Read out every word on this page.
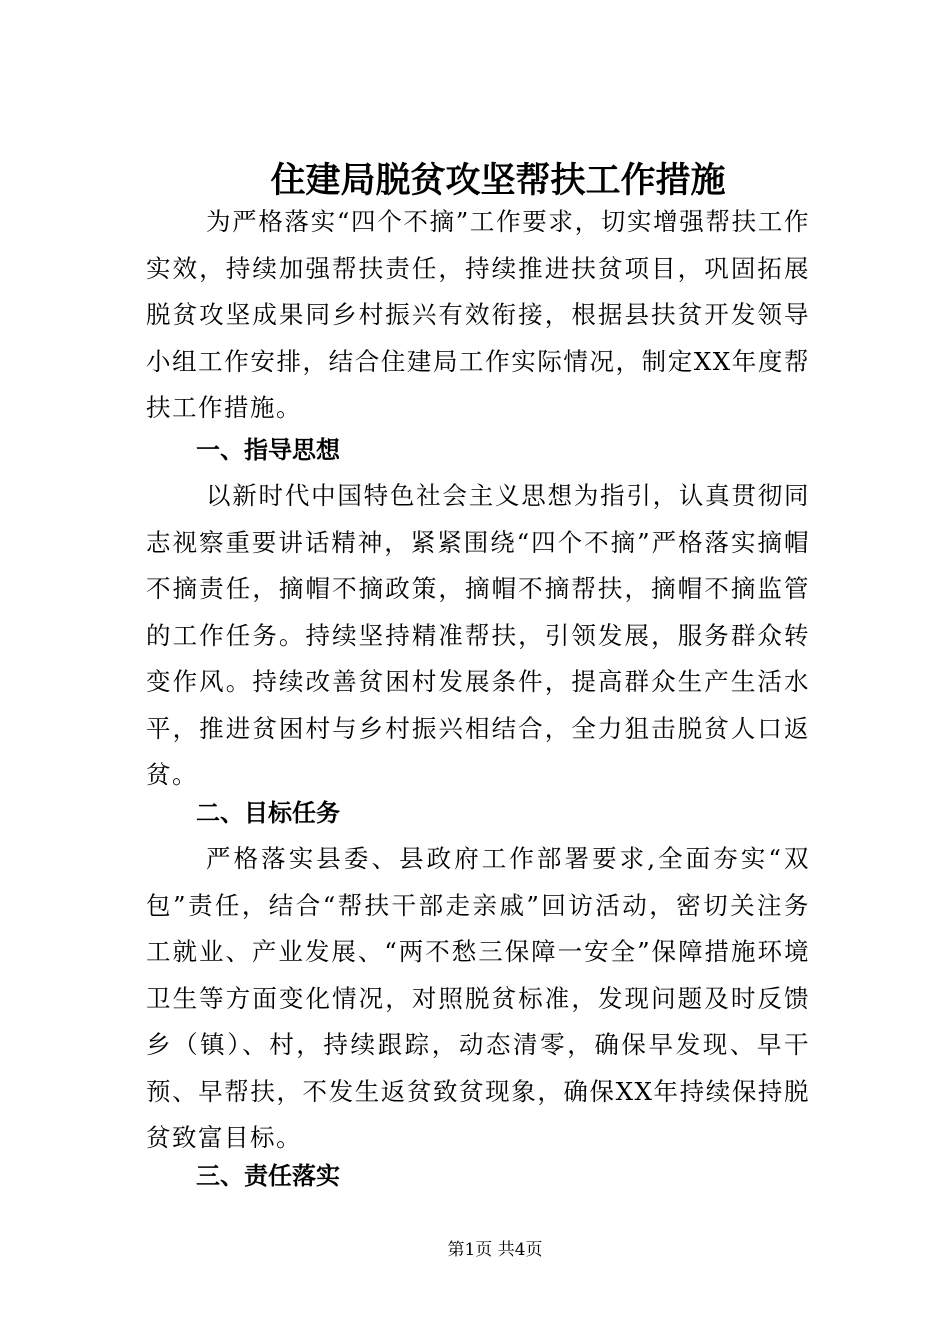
住建局脱贫攻坚帮扶工作措施

为严格落实“四个不摘”工作要求，切实增强帮扶工作实效，持续加强帮扶责任，持续推进扶贫项目，巩固拓展脱贫攻坚成果同乡村振兴有效衔接，根据县扶贫开发领导小组工作安排，结合住建局工作实际情况，制定XX年度帮扶工作措施。

一、指导思想

以新时代中国特色社会主义思想为指引，认真贯彻同志视察重要讲话精神，紧紧围绕“四个不摘”严格落实摘帽不摘责任，摘帽不摘政策，摘帽不摘帮扶，摘帽不摘监管的工作任务。持续坚持精准帮扶，引领发展，服务群众转变作风。持续改善贫困村发展条件，提高群众生产生活水平，推进贫困村与乡村振兴相结合，全力狙击脱贫人口返贫。

二、目标任务

严格落实县委、县政府工作部署要求,全面夯实“双包”责任，结合“帮扶干部走亲戚”回访活动，密切关注务工就业、产业发展、“两不愁三保障一安全”保障措施环境卫生等方面变化情况，对照脱贫标准，发现问题及时反馈乡（镇）、村，持续跟踪，动态清零，确保早发现、早干预、早帮扶，不发生返贫致贫现象，确保XX年持续保持脱贫致富目标。

三、责任落实
第1页 共4页
